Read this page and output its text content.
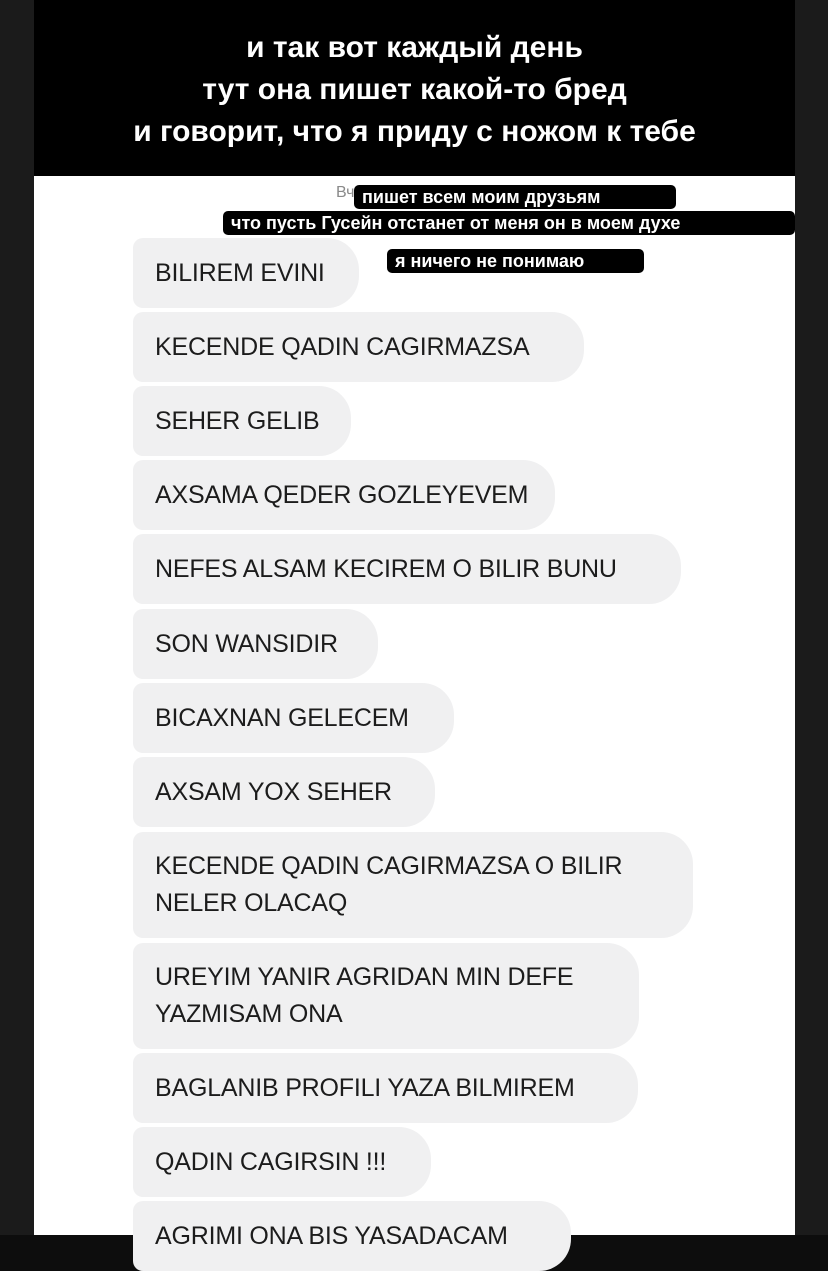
и так вот каждый день
тут она пишет какой-то бред
и говорит, что я приду с ножом к тебе
Вч
BILIREM EVINI
KECENDE QADIN CAGIRMAZSA
SEHER GELIB
AXSAMA QEDER GOZLEYEVEM
NEFES ALSAM KECIREM O BILIR BUNU
SON WANSIDIR
BICAXNAN GELECEM
AXSAM YOX SEHER
KECENDE QADIN CAGIRMAZSA O BILIR
NELER OLACAQ
UREYIM YANIR AGRIDAN MIN DEFE
YAZMISAM ONA
BAGLANIB PROFILI YAZA BILMIREM
QADIN CAGIRSIN !!!
AGRIMI ONA BIS YASADACAM
пишет всем моим друзьям
что пусть Гусейн отстанет от меня он в моем духе
я ничего не понимаю
